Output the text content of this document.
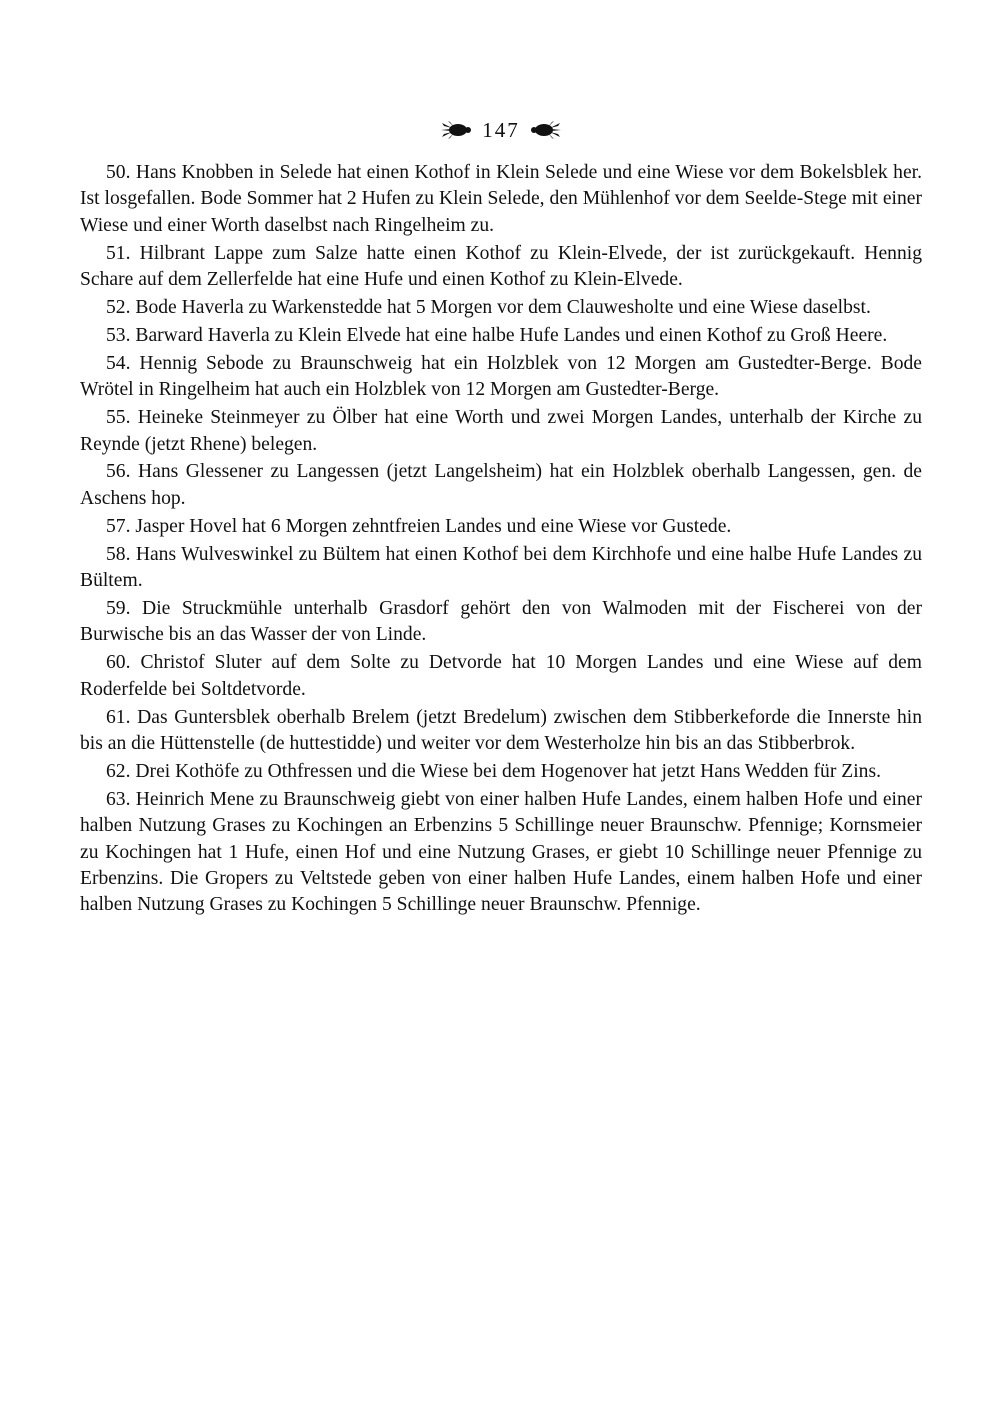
147

50. Hans Knobben in Selede hat einen Kothof in Klein Selede und eine Wiese vor dem Bokelsblek her. Ist losgefallen. Bode Sommer hat 2 Hufen zu Klein Selede, den Mühlenhof vor dem Seelde-Stege mit einer Wiese und einer Worth daselbst nach Ringelheim zu.

51. Hilbrant Lappe zum Salze hatte einen Kothof zu Klein-Elvede, der ist zurückgekauft. Hennig Schare auf dem Zellerfelde hat eine Hufe und einen Kothof zu Klein-Elvede.

52. Bode Haverla zu Warkenstedde hat 5 Morgen vor dem Clauwesholte und eine Wiese daselbst.

53. Barward Haverla zu Klein Elvede hat eine halbe Hufe Landes und einen Kothof zu Groß Heere.

54. Hennig Sebode zu Braunschweig hat ein Holzblek von 12 Morgen am Gustedter-Berge. Bode Wrötel in Ringelheim hat auch ein Holzblek von 12 Morgen am Gustedter-Berge.

55. Heineke Steinmeyer zu Ölber hat eine Worth und zwei Morgen Landes, unterhalb der Kirche zu Reynde (jetzt Rhene) belegen.

56. Hans Glessener zu Langessen (jetzt Langelsheim) hat ein Holzblek oberhalb Langessen, gen. de Aschens hop.

57. Jasper Hovel hat 6 Morgen zehntfreien Landes und eine Wiese vor Gustede.

58. Hans Wulveswinkel zu Bültem hat einen Kothof bei dem Kirchhofe und eine halbe Hufe Landes zu Bültem.

59. Die Struckmühle unterhalb Grasdorf gehört den von Walmoden mit der Fischerei von der Burwische bis an das Wasser der von Linde.

60. Christof Sluter auf dem Solte zu Detvorde hat 10 Morgen Landes und eine Wiese auf dem Roderfelde bei Soltdetvorde.

61. Das Guntersblek oberhalb Brelem (jetzt Bredelum) zwischen dem Stibberkeforde die Innerste hin bis an die Hüttenstelle (de huttestidde) und weiter vor dem Westerholze hin bis an das Stibberbrok.

62. Drei Kothöfe zu Othfressen und die Wiese bei dem Hogenover hat jetzt Hans Wedden für Zins.

63. Heinrich Mene zu Braunschweig giebt von einer halben Hufe Landes, einem halben Hofe und einer halben Nutzung Grases zu Kochingen an Erbenzins 5 Schillinge neuer Braunschw. Pfennige; Kornsmeier zu Kochingen hat 1 Hufe, einen Hof und eine Nutzung Grases, er giebt 10 Schillinge neuer Pfennige zu Erbenzins. Die Gropers zu Veltstede geben von einer halben Hufe Landes, einem halben Hofe und einer halben Nutzung Grases zu Kochingen 5 Schillinge neuer Braunschw. Pfennige.
